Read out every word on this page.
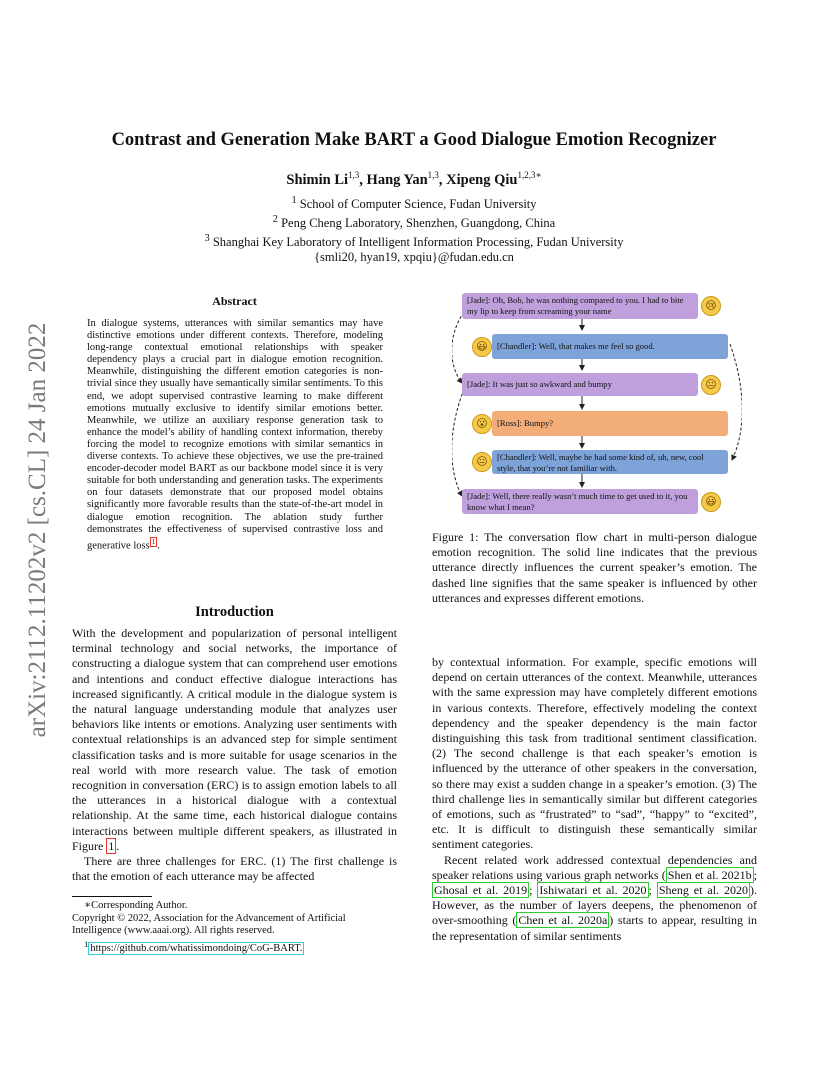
Contrast and Generation Make BART a Good Dialogue Emotion Recognizer
Shimin Li$^{1,3}$, Hang Yan$^{1,3}$, Xipeng Qiu$^{1,2,3∗}$
$^1$ School of Computer Science, Fudan University
$^2$ Peng Cheng Laboratory, Shenzhen, Guangdong, China
$^3$ Shanghai Key Laboratory of Intelligent Information Processing, Fudan University
{smli20, hyan19, xpqiu}@fudan.edu.cn
arXiv:2112.11202v2 [cs.CL] 24 Jan 2022
Abstract
In dialogue systems, utterances with similar semantics may have distinctive emotions under different contexts. Therefore, modeling long-range contextual emotional relationships with speaker dependency plays a crucial part in dialogue emotion recognition. Meanwhile, distinguishing the different emotion categories is non-trivial since they usually have semantically similar sentiments. To this end, we adopt supervised contrastive learning to make different emotions mutually exclusive to identify similar emotions better. Meanwhile, we utilize an auxiliary response generation task to enhance the model’s ability of handling context information, thereby forcing the model to recognize emotions with similar semantics in diverse contexts. To achieve these objectives, we use the pre-trained encoder-decoder model BART as our backbone model since it is very suitable for both understanding and generation tasks. The experiments on four datasets demonstrate that our proposed model obtains significantly more favorable results than the state-of-the-art model in dialogue emotion recognition. The ablation study further demonstrates the effectiveness of supervised contrastive loss and generative loss $^1$ .
Introduction

With the development and popularization of personal intelligent terminal technology and social networks, the importance of constructing a dialogue system that can comprehend user emotions and intentions and conduct effective dialogue interactions has increased significantly. A critical module in the dialogue system is the natural language understanding module that analyzes user behaviors like intents or emotions. Analyzing user sentiments with contextual relationships is an advanced step for simple sentiment classification tasks and is more suitable for usage scenarios in the real world with more research value. The task of emotion recognition in conversation (ERC) is to assign emotion labels to all the utterances in a historical dialogue with a contextual relationship. At the same time, each historical dialogue contains interactions between multiple different speakers, as illustrated in Figure 1 .

There are three challenges for ERC. (1) The first challenge is that the emotion of each utterance may be affected

∗Corresponding Author.
Copyright © 2022, Association for the Advancement of Artificial Intelligence (www.aaai.org). All rights reserved.
$^1$ https://github.com/whatissimondoing/CoG-BART.
[Jade]: Oh, Bob, he was nothing compared to you. I had to bite my lip to keep from screaming your name	😢
😃	[Chandler]: Well, that makes me feel so good.
[Jade]: It was just so awkward and bumpy	😐
😮	[Ross]: Bumpy?
😐	[Chandler]: Well, maybe he had some kind of, uh, new, cool style, that you’re not familiar with.
[Jade]: Well, there really wasn’t much time to get used to it, you know what I mean?	😃
Figure 1: The conversation flow chart in multi-person dialogue emotion recognition. The solid line indicates that the previous utterance directly influences the current speaker’s emotion. The dashed line signifies that the same speaker is influenced by other utterances and expresses different emotions.

by contextual information. For example, specific emotions will depend on certain utterances of the context. Meanwhile, utterances with the same expression may have completely different emotions in various contexts. Therefore, effectively modeling the context dependency and the speaker dependency is the main factor distinguishing this task from traditional sentiment classification. (2) The second challenge is that each speaker’s emotion is influenced by the utterance of other speakers in the conversation, so there may exist a sudden change in a speaker’s emotion. (3) The third challenge lies in semantically similar but different categories of emotions, such as “frustrated” to “sad”, “happy” to “excited”, etc. It is difficult to distinguish these semantically similar sentiment categories.

Recent related work addressed contextual dependencies and speaker relations using various graph networks ( Shen et al. 2021b ; Ghosal et al. 2019 ; Ishiwatari et al. 2020 ; Sheng et al. 2020 ). However, as the number of layers deepens, the phenomenon of over-smoothing ( Chen et al. 2020a ) starts to appear, resulting in the representation of similar sentiments
